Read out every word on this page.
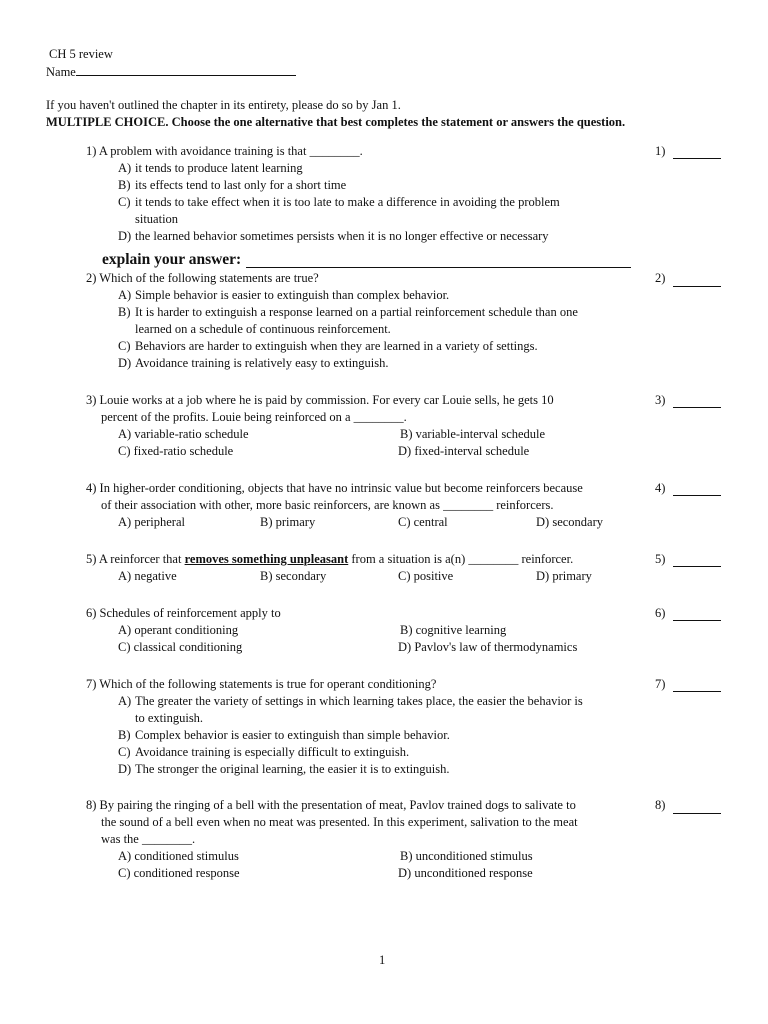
CH 5 review
Name
If you haven't outlined the chapter in its entirety, please do so by Jan 1.
MULTIPLE CHOICE. Choose the one alternative that best completes the statement or answers the question.
1) A problem with avoidance training is that ________.
A) it tends to produce latent learning
B) its effects tend to last only for a short time
C) it tends to take effect when it is too late to make a difference in avoiding the problem
situation
D) the learned behavior sometimes persists when it is no longer effective or necessary
1)
explain your answer:
2) Which of the following statements are true?
A) Simple behavior is easier to extinguish than complex behavior.
B) It is harder to extinguish a response learned on a partial reinforcement schedule than one
learned on a schedule of continuous reinforcement.
C) Behaviors are harder to extinguish when they are learned in a variety of settings.
D) Avoidance training is relatively easy to extinguish.
2)
3) Louie works at a job where he is paid by commission. For every car Louie sells, he gets 10
percent of the profits. Louie being reinforced on a ________.
A) variable-ratio schedule	B) variable-interval schedule
C) fixed-ratio schedule	D) fixed-interval schedule
3)
4) In higher-order conditioning, objects that have no intrinsic value but become reinforcers because
of their association with other, more basic reinforcers, are known as ________ reinforcers.
A) peripheral	B) primary	C) central	D) secondary
4)
5) A reinforcer that removes something unpleasant from a situation is a(n) ________ reinforcer.
A) negative	B) secondary	C) positive	D) primary
5)
6) Schedules of reinforcement apply to
A) operant conditioning	B) cognitive learning
C) classical conditioning	D) Pavlov's law of thermodynamics
6)
7) Which of the following statements is true for operant conditioning?
A) The greater the variety of settings in which learning takes place, the easier the behavior is
to extinguish.
B) Complex behavior is easier to extinguish than simple behavior.
C) Avoidance training is especially difficult to extinguish.
D) The stronger the original learning, the easier it is to extinguish.
7)
8) By pairing the ringing of a bell with the presentation of meat, Pavlov trained dogs to salivate to
the sound of a bell even when no meat was presented. In this experiment, salivation to the meat
was the ________.
A) conditioned stimulus	B) unconditioned stimulus
C) conditioned response	D) unconditioned response
8)
1
